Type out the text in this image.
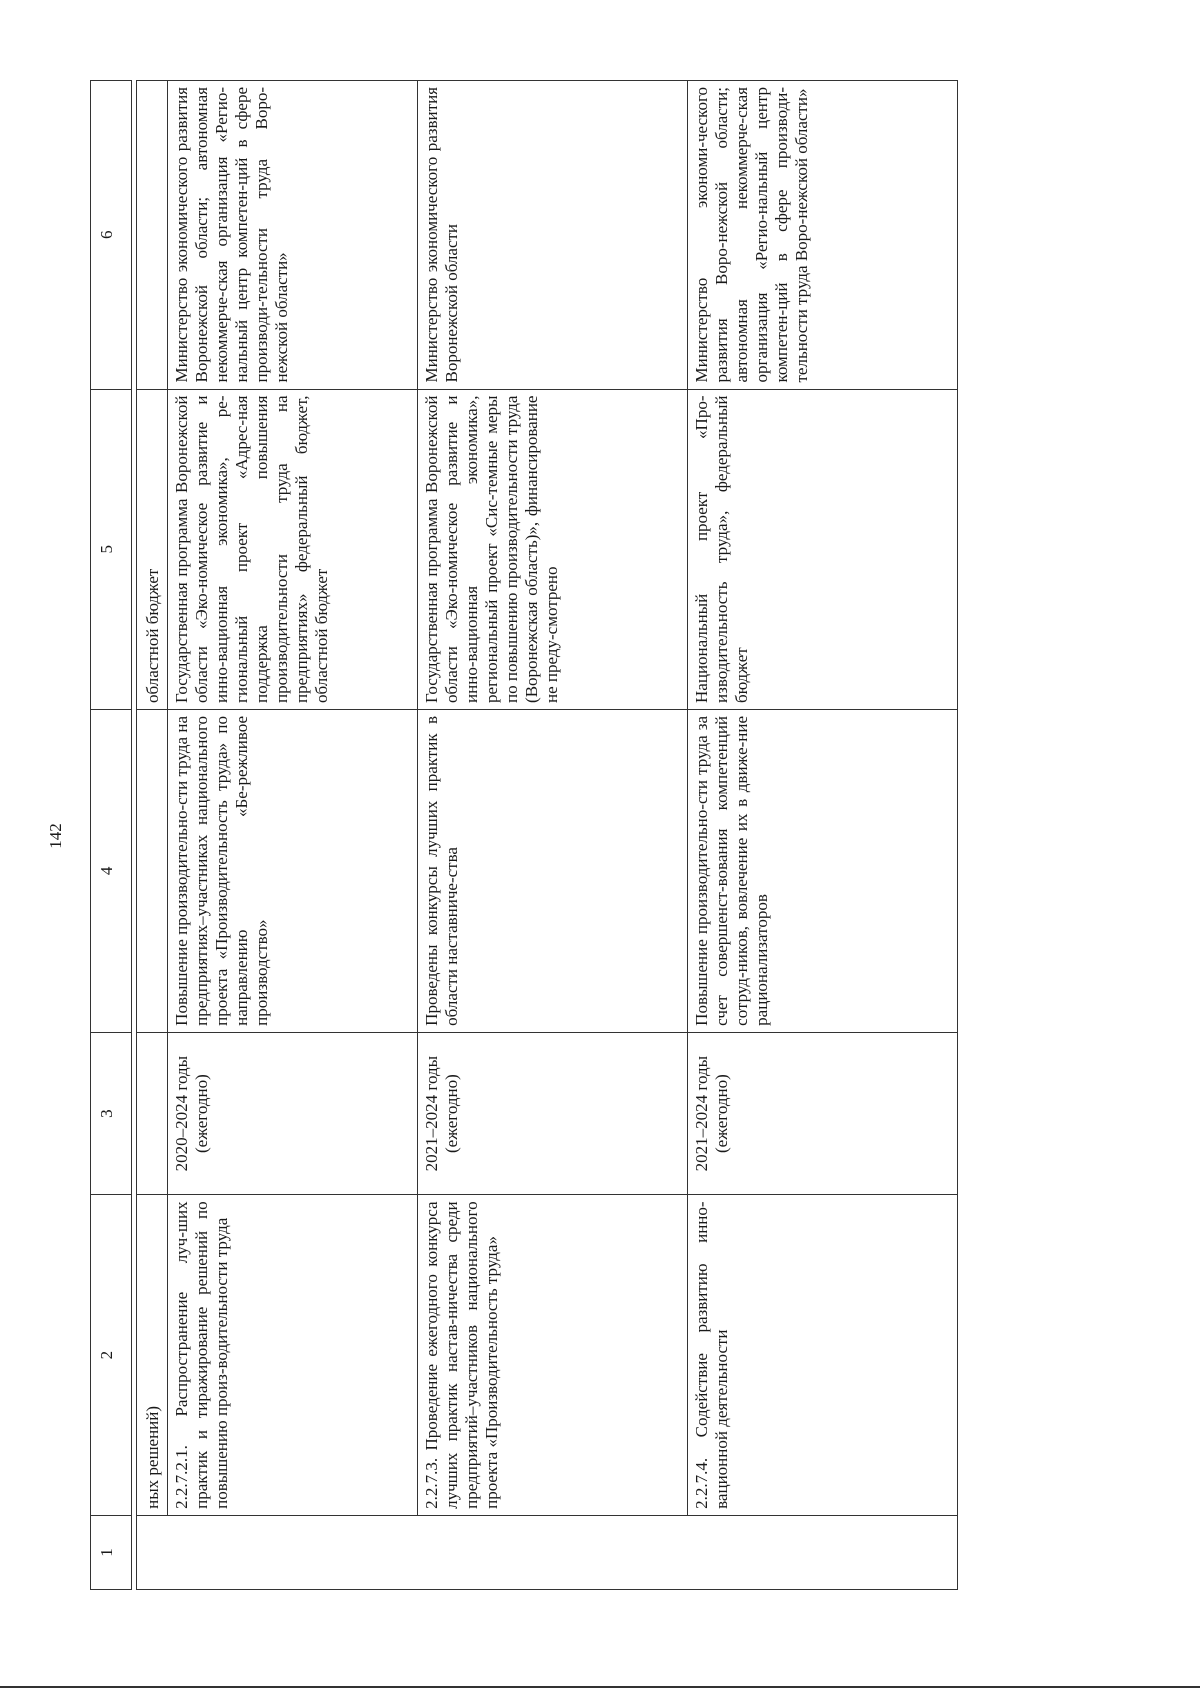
142
1	2	3	4	5	6

	ных решений)			областной бюджет	
	2.2.7.2.1. Распространение луч-ших практик и тиражирование решений по повышению произ-водительности труда	2020–2024 годы (ежегодно)	Повышение производительно-сти труда на предприятиях–участниках национального проекта «Производительность труда» по направлению «Бе-режливое производство»	Государственная программа Воронежской области «Эко-номическое развитие и инно-вационная экономика», ре-гиональный проект «Адрес-ная поддержка повышения производительности труда на предприятиях» федеральный бюджет, областной бюджет	Министерство экономического развития Воронежской области; автономная некоммерче-ская организация «Регио-нальный центр компетен-ций в сфере производи-тельности труда Воро-нежской области»
	2.2.7.3. Проведение ежегодного конкурса лучших практик настав-ничества среди предприятий–участников национального проекта «Производительность труда»	2021–2024 годы (ежегодно)	Проведены конкурсы лучших практик в области наставниче-ства	Государственная программа Воронежской области «Эко-номическое развитие и инно-вационная экономика», региональный проект «Сис-темные меры по повышению производительности труда (Воронежская область)», финансирование не преду-смотрено	Министерство экономического развития Воронежской области
	2.2.7.4. Содействие развитию инно-вационной деятельности	2021–2024 годы (ежегодно)	Повышение производительно-сти труда за счет совершенст-вования компетенций сотруд-ников, вовлечение их в движе-ние рационализаторов	Национальный проект «Про-изводительность труда», федеральный бюджет	Министерство экономи-ческого развития Воро-нежской области; автономная некоммерче-ская организация «Регио-нальный центр компетен-ций в сфере производи-тельности труда Воро-нежской области»
